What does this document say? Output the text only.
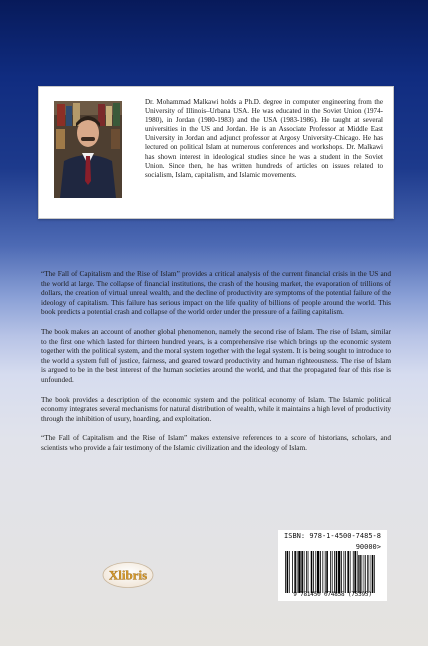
Dr. Mohammad Malkawi holds a Ph.D. degree in computer engineering from the University of Illinois–Urbana USA. He was educated in the Soviet Union (1974-1980), in Jordan (1980-1983) and the USA (1983-1986). He taught at several universities in the US and Jordan. He is an Associate Professor at Middle East University in Jordan and adjunct professor at Argosy University-Chicago. He has lectured on political Islam at numerous conferences and workshops. Dr. Malkawi has shown interest in ideological studies since he was a student in the Soviet Union. Since then, he has written hundreds of articles on issues related to socialism, Islam, capitalism, and Islamic movements.

“The Fall of Capitalism and the Rise of Islam” provides a critical analysis of the current financial crisis in the US and the world at large. The collapse of financial institutions, the crash of the housing market, the evaporation of trillions of dollars, the creation of virtual unreal wealth, and the decline of productivity are symptoms of the potential failure of the ideology of capitalism. This failure has serious impact on the life quality of billions of people around the world. This book predicts a potential crash and collapse of the world order under the pressure of a failing capitalism.

The book makes an account of another global phenomenon, namely the second rise of Islam. The rise of Islam, similar to the first one which lasted for thirteen hundred years, is a comprehensive rise which brings up the economic system together with the political system, and the moral system together with the legal system. It is being sought to introduce to the world a system full of justice, fairness, and geared toward productivity and human righteousness. The rise of Islam is argued to be in the best interest of the human societies around the world, and that the propagated fear of this rise is unfounded.

The book provides a description of the economic system and the political economy of Islam. The Islamic political economy integrates several mechanisms for natural distribution of wealth, while it maintains a high level of productivity through the inhibition of usury, hoarding, and exploitation.

“The Fall of Capitalism and the Rise of Islam” makes extensive references to a score of historians, scholars, and scientists who provide a fair testimony of the Islamic civilization and the ideology of Islam.

Xlibris
ISBN: 978-1-4500-7485-8
90000>
9 781450 074858 (75395)
